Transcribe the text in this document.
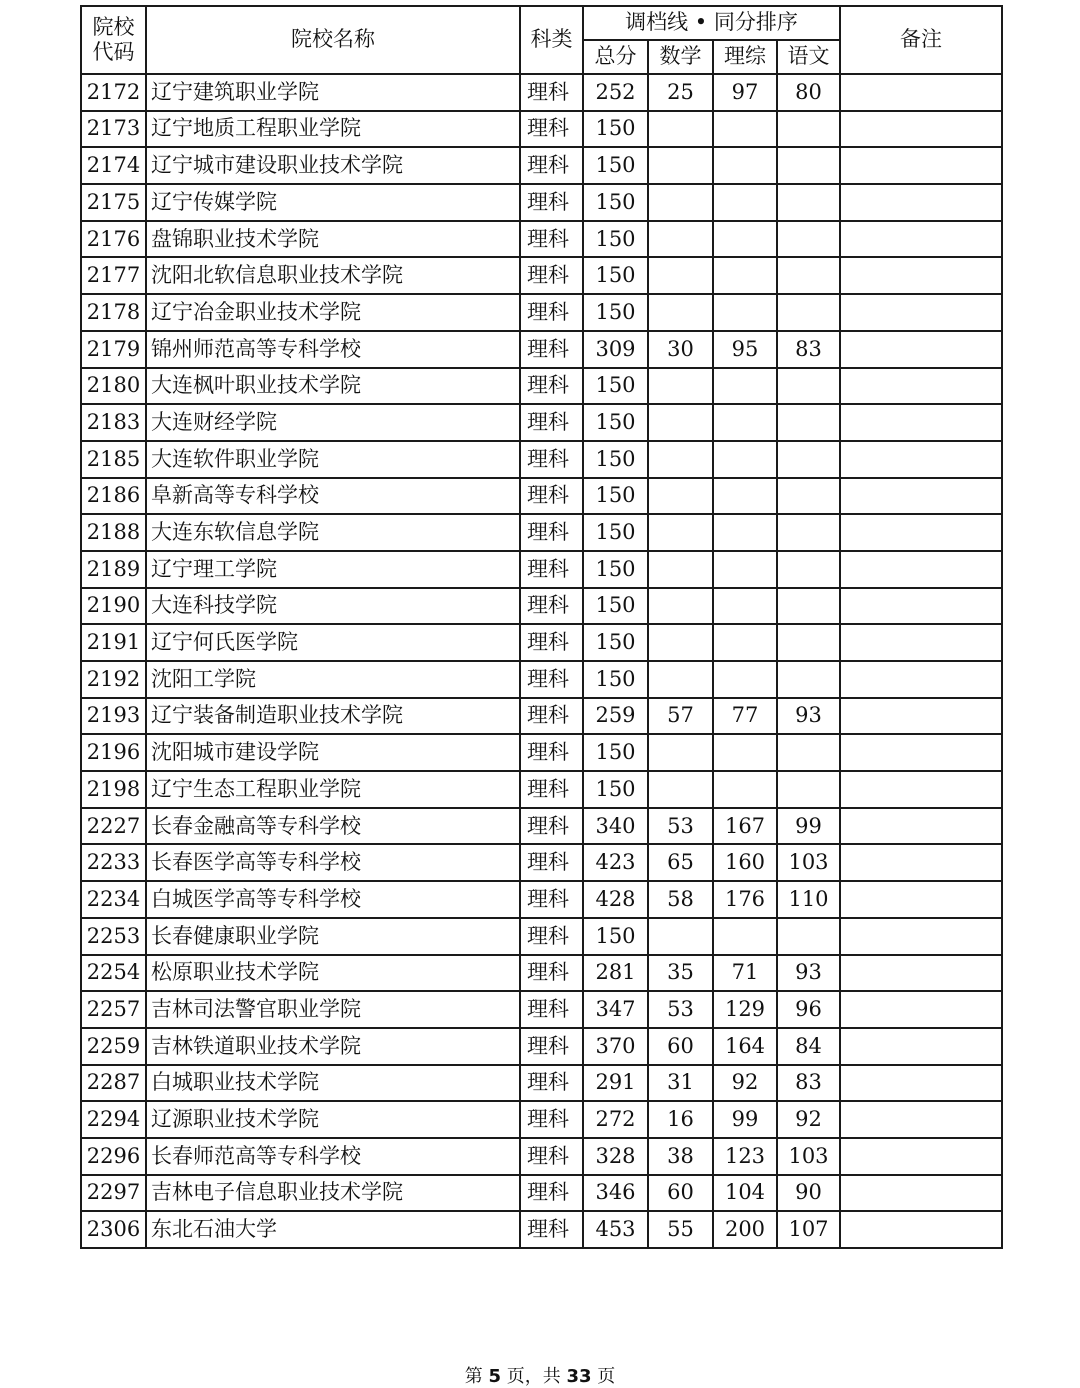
院校
代码	院校名称	科类	调档线 • 同分排序				备注
			总分	数学	理综	语文	
2172	辽宁建筑职业学院	理科	252	25	97	80	
2173	辽宁地质工程职业学院	理科	150				
2174	辽宁城市建设职业技术学院	理科	150				
2175	辽宁传媒学院	理科	150				
2176	盘锦职业技术学院	理科	150				
2177	沈阳北软信息职业技术学院	理科	150				
2178	辽宁冶金职业技术学院	理科	150				
2179	锦州师范高等专科学校	理科	309	30	95	83	
2180	大连枫叶职业技术学院	理科	150				
2183	大连财经学院	理科	150				
2185	大连软件职业学院	理科	150				
2186	阜新高等专科学校	理科	150				
2188	大连东软信息学院	理科	150				
2189	辽宁理工学院	理科	150				
2190	大连科技学院	理科	150				
2191	辽宁何氏医学院	理科	150				
2192	沈阳工学院	理科	150				
2193	辽宁装备制造职业技术学院	理科	259	57	77	93	
2196	沈阳城市建设学院	理科	150				
2198	辽宁生态工程职业学院	理科	150				
2227	长春金融高等专科学校	理科	340	53	167	99	
2233	长春医学高等专科学校	理科	423	65	160	103	
2234	白城医学高等专科学校	理科	428	58	176	110	
2253	长春健康职业学院	理科	150				
2254	松原职业技术学院	理科	281	35	71	93	
2257	吉林司法警官职业学院	理科	347	53	129	96	
2259	吉林铁道职业技术学院	理科	370	60	164	84	
2287	白城职业技术学院	理科	291	31	92	83	
2294	辽源职业技术学院	理科	272	16	99	92	
2296	长春师范高等专科学校	理科	328	38	123	103	
2297	吉林电子信息职业技术学院	理科	346	60	104	90	
2306	东北石油大学	理科	453	55	200	107	
第 5 页，共 33 页
